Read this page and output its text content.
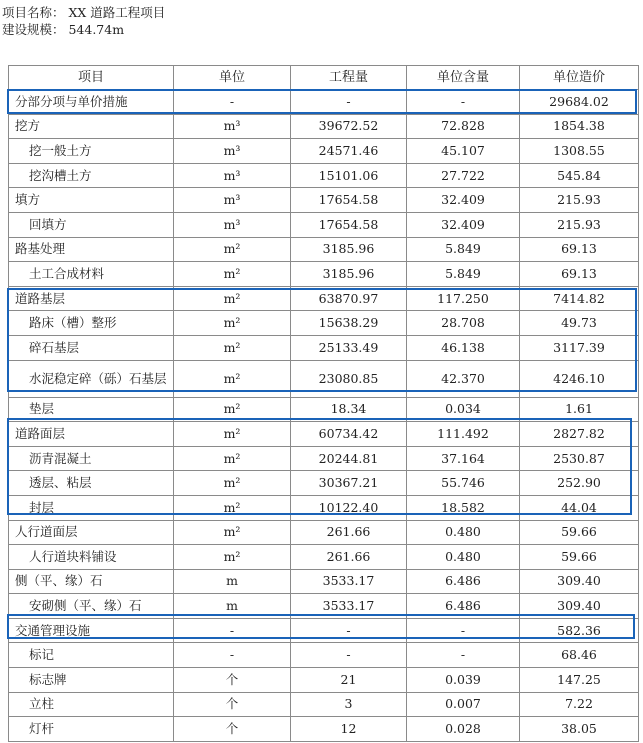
项目名称： XX 道路工程项目
建设规模： 544.74m
项目	单位	工程量	单位含量	单位造价
分部分项与单价措施	-	-	-	29684.02
挖方	m³	39672.52	72.828	1854.38
挖一般土方	m³	24571.46	45.107	1308.55
挖沟槽土方	m³	15101.06	27.722	545.84
填方	m³	17654.58	32.409	215.93
回填方	m³	17654.58	32.409	215.93
路基处理	m²	3185.96	5.849	69.13
土工合成材料	m²	3185.96	5.849	69.13
道路基层	m²	63870.97	117.250	7414.82
路床（槽）整形	m²	15638.29	28.708	49.73
碎石基层	m²	25133.49	46.138	3117.39
水泥稳定碎（砾）石基层	m²	23080.85	42.370	4246.10
垫层	m²	18.34	0.034	1.61
道路面层	m²	60734.42	111.492	2827.82
沥青混凝土	m²	20244.81	37.164	2530.87
透层、粘层	m²	30367.21	55.746	252.90
封层	m²	10122.40	18.582	44.04
人行道面层	m²	261.66	0.480	59.66
人行道块料铺设	m²	261.66	0.480	59.66
侧（平、缘）石	m	3533.17	6.486	309.40
安砌侧（平、缘）石	m	3533.17	6.486	309.40
交通管理设施	-	-	-	582.36
标记	-	-	-	68.46
标志牌	个	21	0.039	147.25
立柱	个	3	0.007	7.22
灯杆	个	12	0.028	38.05
